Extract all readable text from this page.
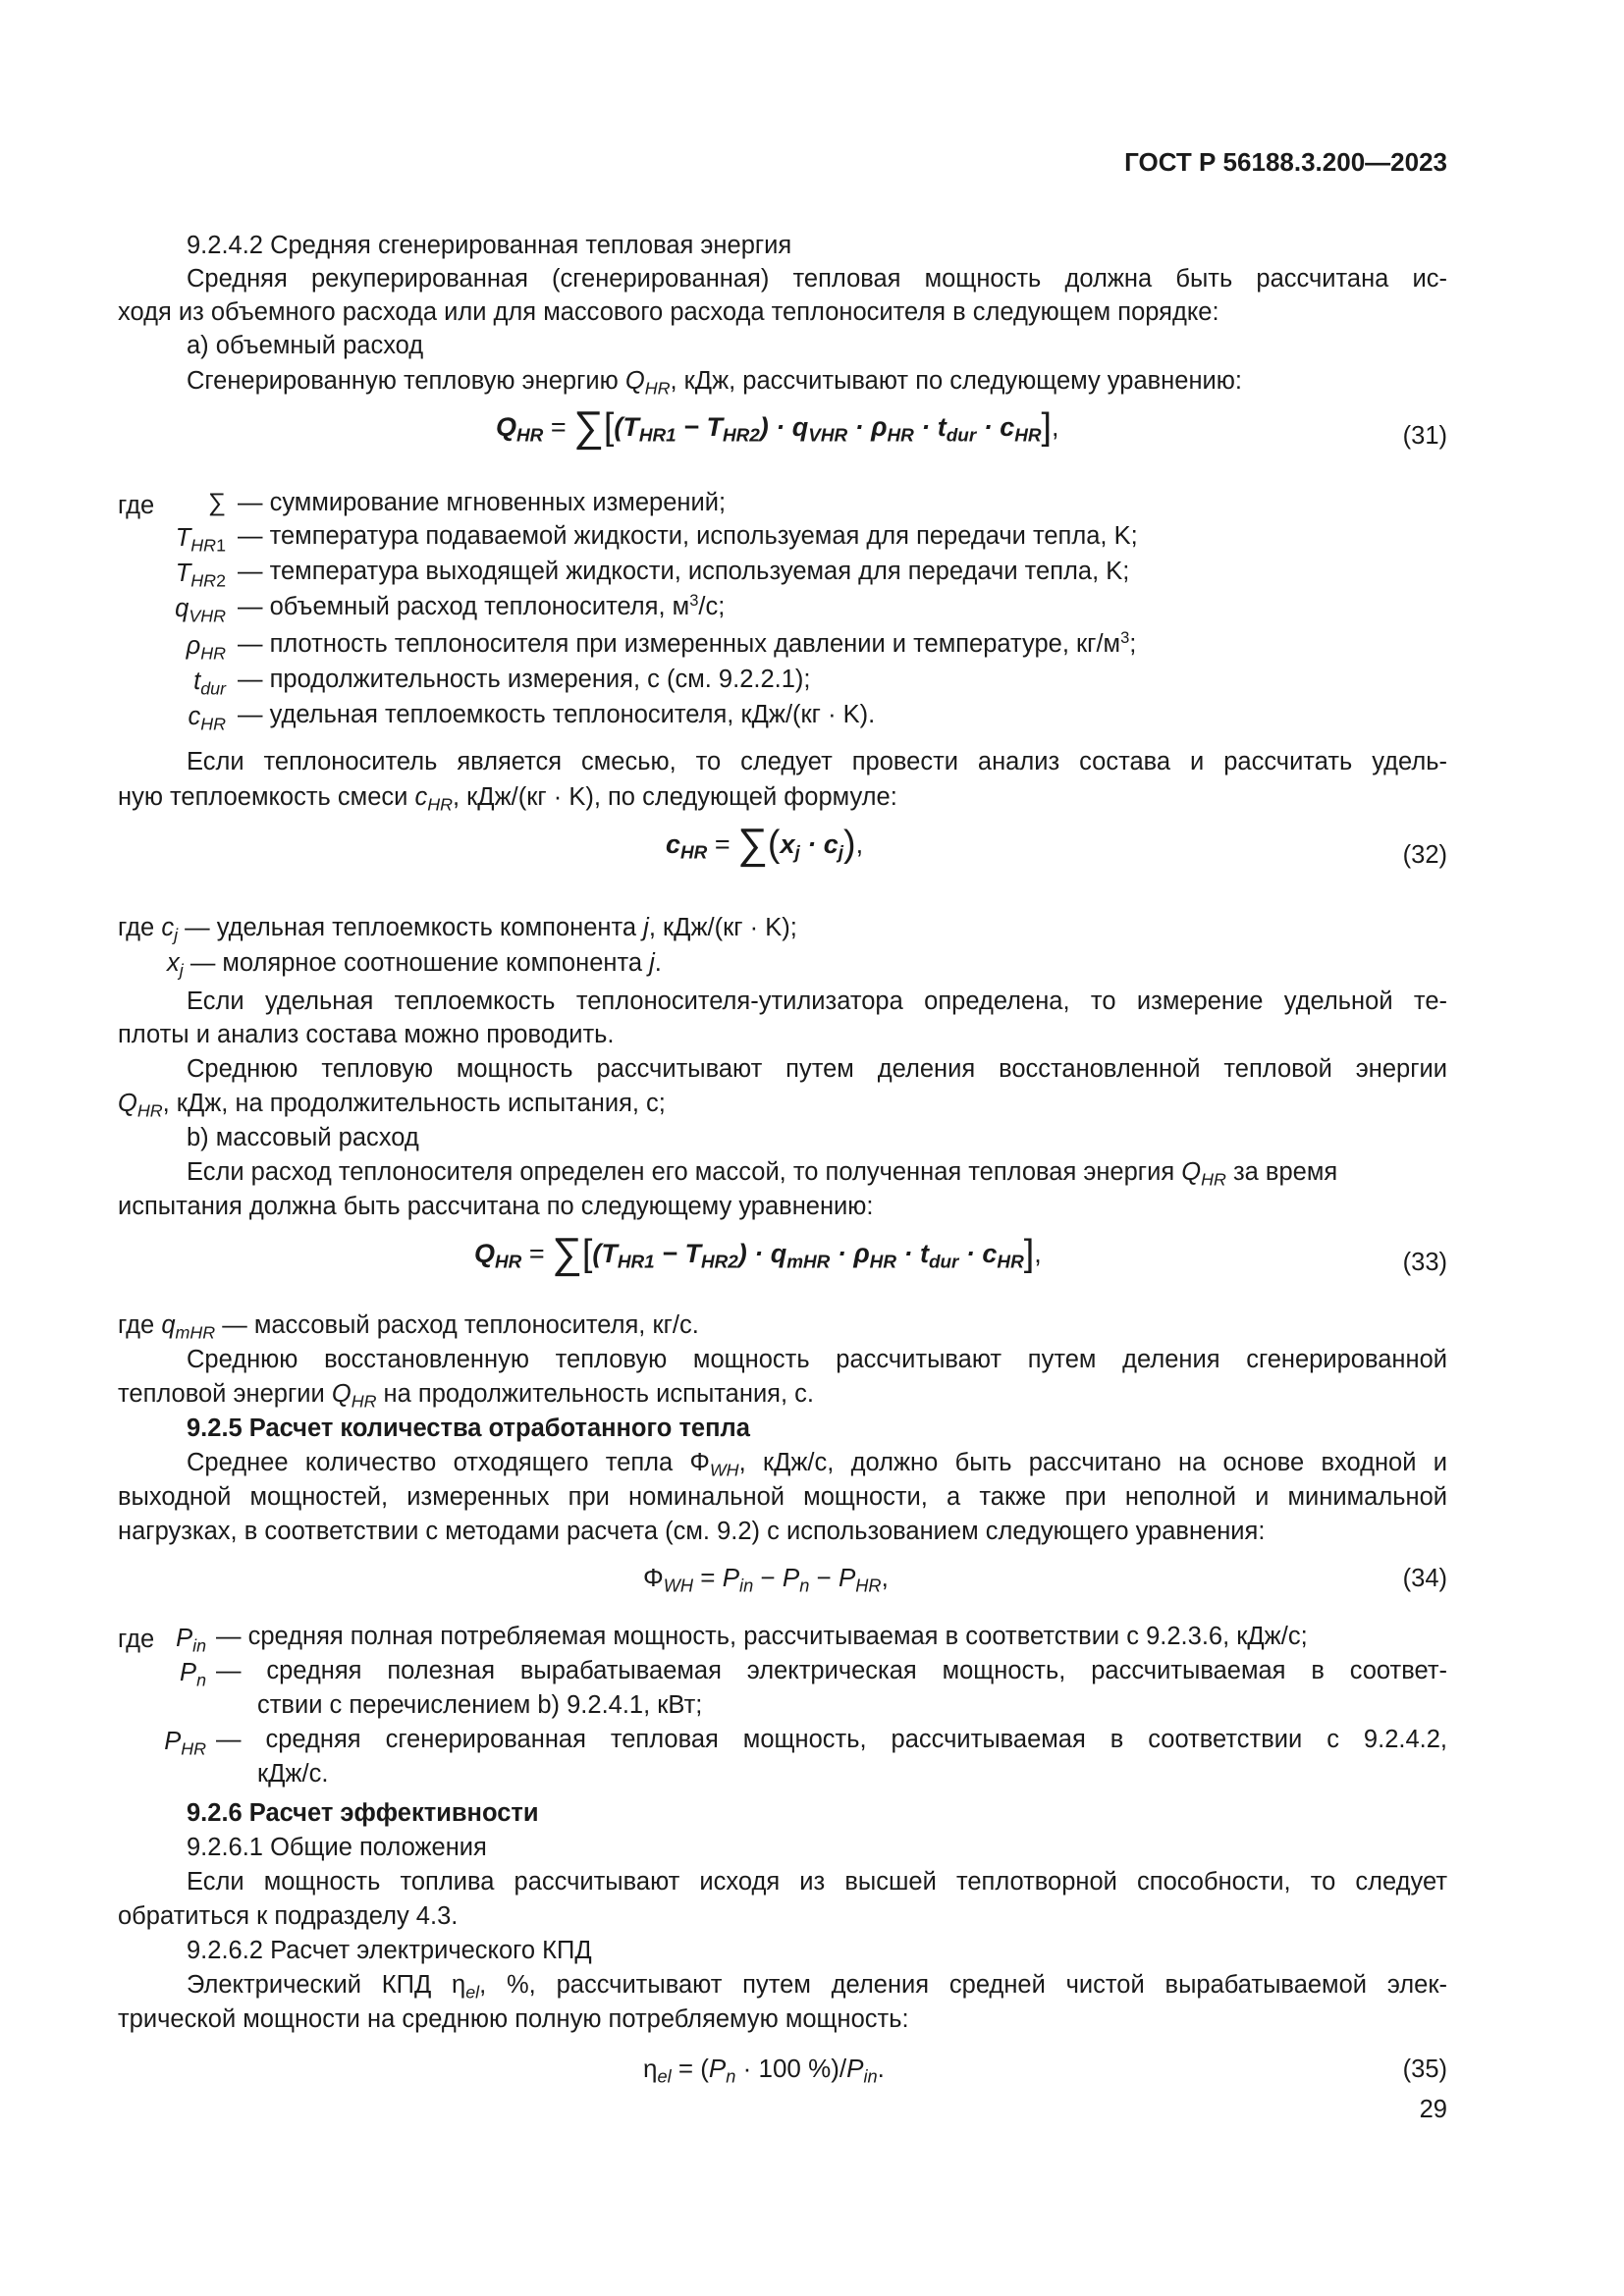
ГОСТ Р 56188.3.200—2023
9.2.4.2 Средняя сгенерированная тепловая энергия
Средняя рекуперированная (сгенерированная) тепловая мощность должна быть рассчитана ис-
ходя из объемного расхода или для массового расхода теплоносителя в следующем порядке:
а) объемный расход
Сгенерированную тепловую энергию $Q_{HR}$, кДж, рассчитывают по следующему уравнению:
$Q_{HR} = \sum[(T_{HR1} - T_{HR2}) \cdot q_{VHR} \cdot \rho_{HR} \cdot t_{dur} \cdot c_{HR}]$,	(31)
где	∑ — суммирование мгновенных измерений;
$T_{HR1}$ — температура подаваемой жидкости, используемая для передачи тепла, K;
$T_{HR2}$ — температура выходящей жидкости, используемая для передачи тепла, K;
$q_{VHR}$ — объемный расход теплоносителя, $м^3/с$;
$\rho_{HR}$ — плотность теплоносителя при измеренных давлении и температуре, $кг/м^3$;
$t_{dur}$ — продолжительность измерения, с (см. 9.2.2.1);
$c_{HR}$ — удельная теплоемкость теплоносителя, кДж/(кг · K).
Если теплоноситель является смесью, то следует провести анализ состава и рассчитать удель-
ную теплоемкость смеси $c_{HR}$, кДж/(кг · K), по следующей формуле:
$c_{HR} = \sum(x_j \cdot c_j)$,	(32)
где $c_j$ — удельная теплоемкость компонента j, кДж/(кг · K);
$x_j$ — молярное соотношение компонента j.
Если удельная теплоемкость теплоносителя-утилизатора определена, то измерение удельной те-
плоты и анализ состава можно проводить.
Среднюю тепловую мощность рассчитывают путем деления восстановленной тепловой энергии
$Q_{HR}$, кДж, на продолжительность испытания, с;
b) массовый расход
Если расход теплоносителя определен его массой, то полученная тепловая энергия $Q_{HR}$ за время
испытания должна быть рассчитана по следующему уравнению:
$Q_{HR} = \sum[(T_{HR1} - T_{HR2}) \cdot q_{mHR} \cdot \rho_{HR} \cdot t_{dur} \cdot c_{HR}]$,	(33)
где $q_{mHR}$ — массовый расход теплоносителя, кг/с.
Среднюю восстановленную тепловую мощность рассчитывают путем деления сгенерированной
тепловой энергии $Q_{HR}$ на продолжительность испытания, с.
9.2.5 Расчет количества отработанного тепла
Среднее количество отходящего тепла $\Phi_{WH}$, кДж/с, должно быть рассчитано на основе входной и
выходной мощностей, измеренных при номинальной мощности, а также при неполной и минимальной
нагрузках, в соответствии с методами расчета (см. 9.2) с использованием следующего уравнения:
$\Phi_{WH} = P_{in} - P_n - P_{HR}$,	(34)
где $P_{in}$ — средняя полная потребляемая мощность, рассчитываемая в соответствии с 9.2.3.6, кДж/с;
$P_n$ — средняя полезная вырабатываемая электрическая мощность, рассчитываемая в соответ-
ствии с перечислением b) 9.2.4.1, кВт;
$P_{HR}$ — средняя сгенерированная тепловая мощность, рассчитываемая в соответствии с 9.2.4.2,
кДж/с.
9.2.6 Расчет эффективности
9.2.6.1 Общие положения
Если мощность топлива рассчитывают исходя из высшей теплотворной способности, то следует
обратиться к подразделу 4.3.
9.2.6.2 Расчет электрического КПД
Электрический КПД $\eta_{el}$, %, рассчитывают путем деления средней чистой вырабатываемой элек-
трической мощности на среднюю полную потребляемую мощность:
$\eta_{el} = (P_n \cdot 100$ $\%)/P_{in}$.	(35)
29
